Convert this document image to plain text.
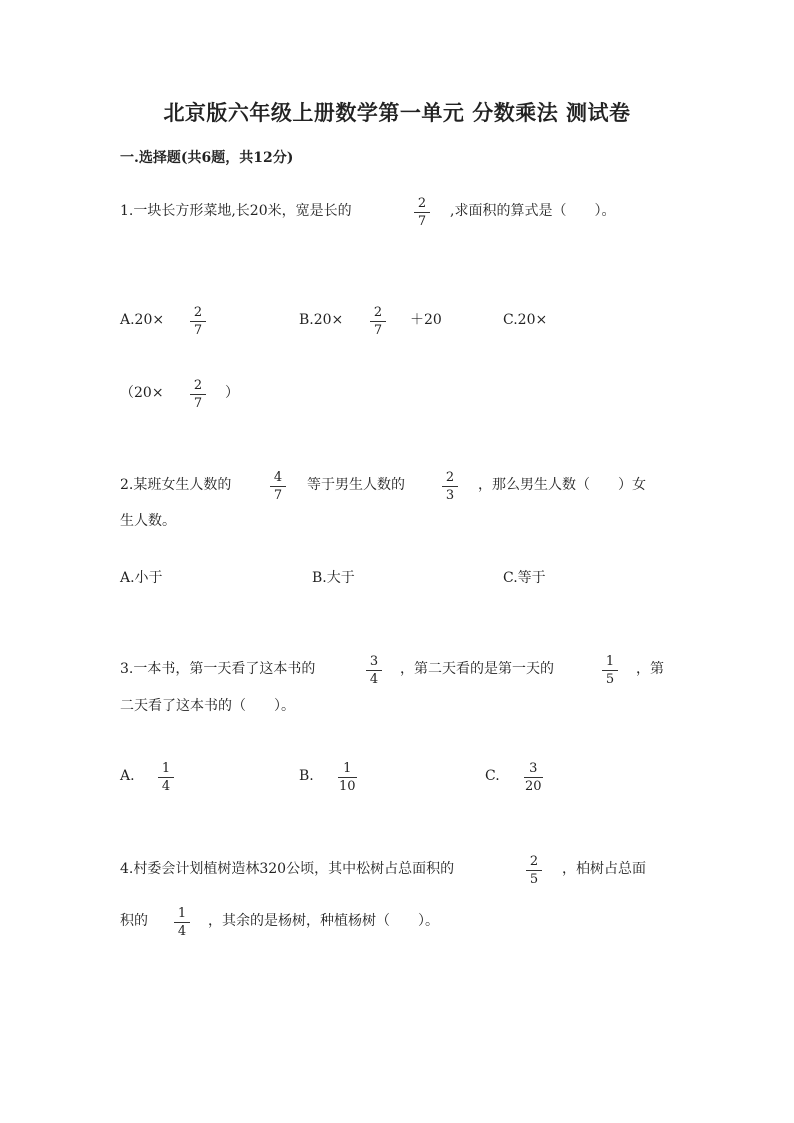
北京版六年级上册数学第一单元 分数乘法 测试卷
一.选择题(共6题，共12分)
1.一块长方形菜地,长20米，宽是长的	2
7
,求面积的算式是（　　）。
A.20× 2
7
B.20× 2
7
＋20	C.20×
（20× 2
7
）
2.某班女生人数的	4
7
等于男生人数的	2
3
，那么男生人数（　　）女
生人数。
A.小于	B.大于	C.等于
3.一本书，第一天看了这本书的	3
4
，第二天看的是第一天的	1
5
，第
二天看了这本书的（　　）。
A. 1
4
B. 1
10
C. 3
20
4.村委会计划植树造林320公顷，其中松树占总面积的	2
5
，柏树占总面
积的 1
4
，其余的是杨树，种植杨树（　　）。
